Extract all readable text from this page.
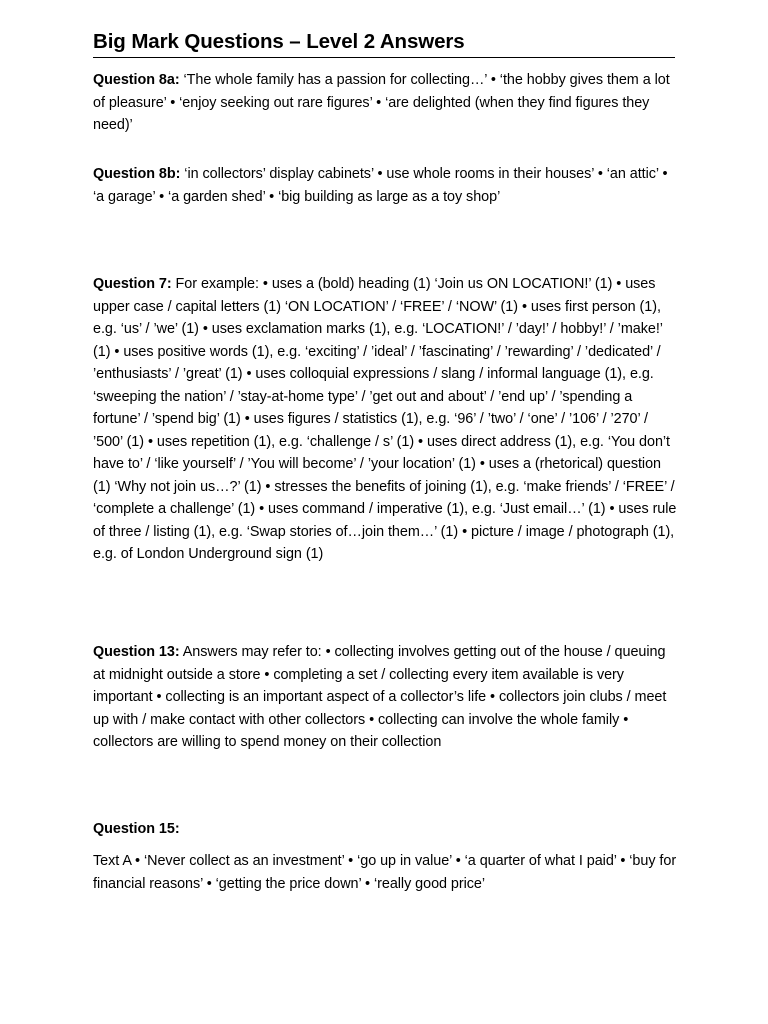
Big Mark Questions – Level 2 Answers

Question 8a: ‘The whole family has a passion for collecting…’ • ‘the hobby gives them a lot of pleasure’ • ‘enjoy seeking out rare figures’ • ‘are delighted (when they find figures they need)’

Question 8b: ‘in collectors’ display cabinets’ • use whole rooms in their houses’ • ‘an attic’ • ‘a garage’ • ‘a garden shed’ • ‘big building as large as a toy shop’

Question 7: For example: • uses a (bold) heading (1) ‘Join us ON LOCATION!’ (1) • uses upper case / capital letters (1) ‘ON LOCATION’ / ‘FREE’ / ‘NOW’ (1) • uses first person (1), e.g. ‘us’ / ’we’ (1) • uses exclamation marks (1), e.g. ‘LOCATION!’ / ’day!’ / hobby!’ / ’make!’ (1) • uses positive words (1), e.g. ‘exciting’ / ’ideal’ / ’fascinating’ / ’rewarding’ / ’dedicated’ / ’enthusiasts’ / ’great’ (1) • uses colloquial expressions / slang / informal language (1), e.g. ‘sweeping the nation’ / ’stay-at-home type’ / ’get out and about’ / ’end up’ / ’spending a fortune’ / ’spend big’ (1) • uses figures / statistics (1), e.g. ‘96’ / ’two’ / ‘one’ / ’106’ / ’270’ / ’500’ (1) • uses repetition (1), e.g. ‘challenge / s’ (1) • uses direct address (1), e.g. ‘You don’t have to’ / ‘like yourself’ / ’You will become’ / ’your location’ (1) • uses a (rhetorical) question (1) ‘Why not join us…?’ (1) • stresses the benefits of joining (1), e.g. ‘make friends’ / ‘FREE’ / ‘complete a challenge’ (1) • uses command / imperative (1), e.g. ‘Just email…’ (1) • uses rule of three / listing (1), e.g. ‘Swap stories of…join them…’ (1) • picture / image / photograph (1), e.g. of London Underground sign (1)

Question 13: Answers may refer to: • collecting involves getting out of the house / queuing at midnight outside a store • completing a set / collecting every item available is very important • collecting is an important aspect of a collector’s life • collectors join clubs / meet up with / make contact with other collectors • collecting can involve the whole family • collectors are willing to spend money on their collection

Question 15:

Text A • ‘Never collect as an investment’ • ‘go up in value’ • ‘a quarter of what I paid’ • ‘buy for financial reasons’ • ‘getting the price down’ • ‘really good price’
